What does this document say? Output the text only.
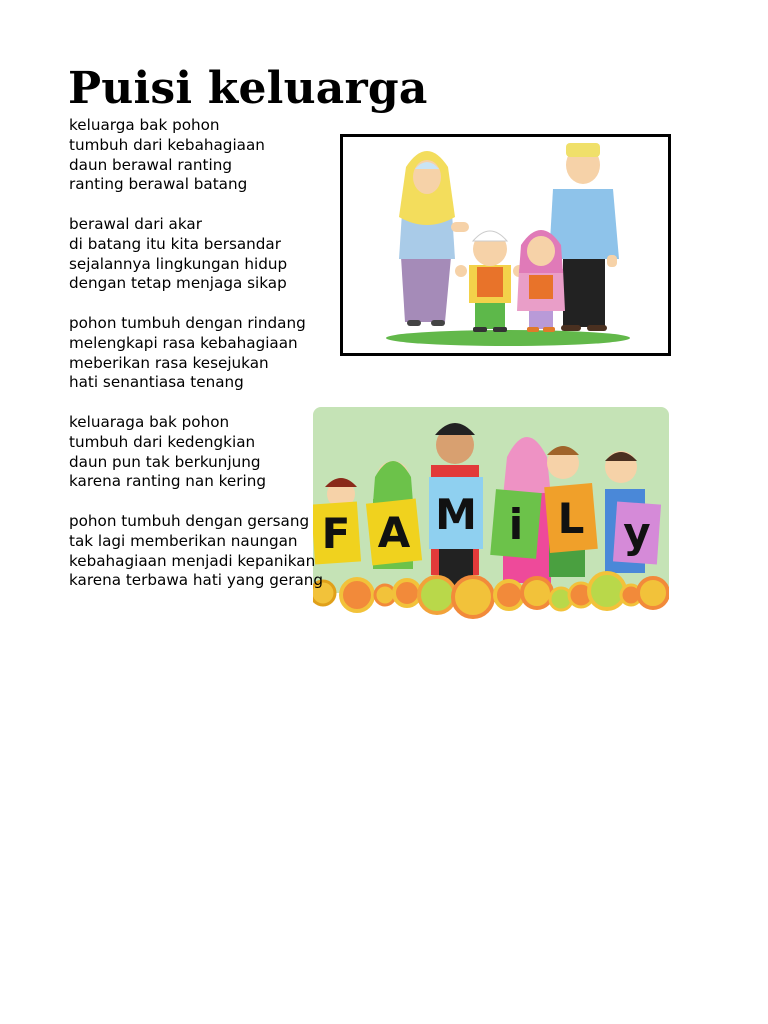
Puisi keluarga
keluarga bak pohon
tumbuh dari kebahagiaan
daun berawal ranting
ranting berawal batang
berawal dari akar
di batang itu kita bersandar
sejalannya lingkungan hidup
dengan tetap menjaga sikap
pohon tumbuh dengan rindang
melengkapi rasa kebahagiaan
meberikan rasa kesejukan
hati senantiasa tenang
keluaraga bak pohon
tumbuh dari kedengkian
daun pun tak berkunjung
karena ranting nan kering
pohon tumbuh dengan gersang
tak lagi memberikan naungan
kebahagiaan menjadi kepanikan
karena terbawa hati yang gerang
F A M i L y
